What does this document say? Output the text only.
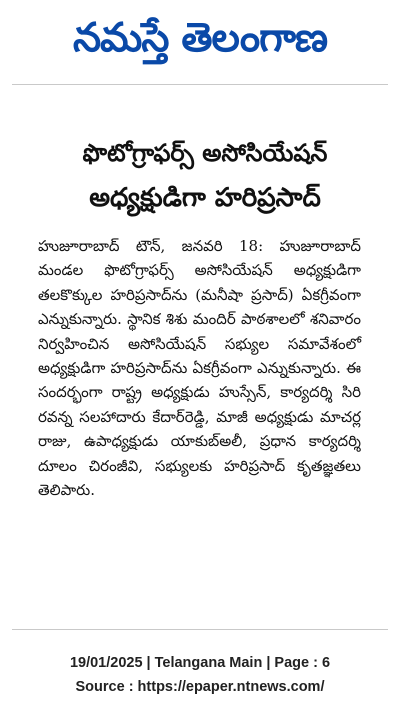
నమస్తే తెలంగాణ
ఫొటోగ్రాఫర్స్ అసోసియేషన్
అధ్యక్షుడిగా హరిప్రసాద్
హుజూరాబాద్ టౌన్, జనవరి 18: హుజూరాబాద్ మండల ఫొటోగ్రాఫర్స్ అసోసియేషన్ అధ్యక్షుడిగా తలకొక్కుల హరిప్రసాద్‌ను (మనీషా ప్రసాద్) ఏకగ్రీవంగా ఎన్నుకున్నారు. స్థానిక శిశు మందిర్ పాఠశాలలో శనివారం నిర్వహించిన అసోసియేషన్ సభ్యుల సమావేశంలో అధ్యక్షుడిగా హరిప్రసాద్‌ను ఏకగ్రీవంగా ఎన్నుకున్నారు. ఈ సందర్భంగా రాష్ట్ర అధ్యక్షుడు హుస్సేన్, కార్యదర్శి సిరి రవన్న సలహాదారు కేదార్‌రెడ్డి, మాజీ అధ్యక్షుడు మాచర్ల రాజు, ఉపాధ్యక్షుడు యాకుబ్‌అలీ, ప్రధాన కార్యదర్శి దూలం చిరంజీవి, సభ్యులకు హరిప్రసాద్ కృతజ్ఞతలు తెలిపారు.
19/01/2025 | Telangana Main | Page : 6
Source : https://epaper.ntnews.com/
